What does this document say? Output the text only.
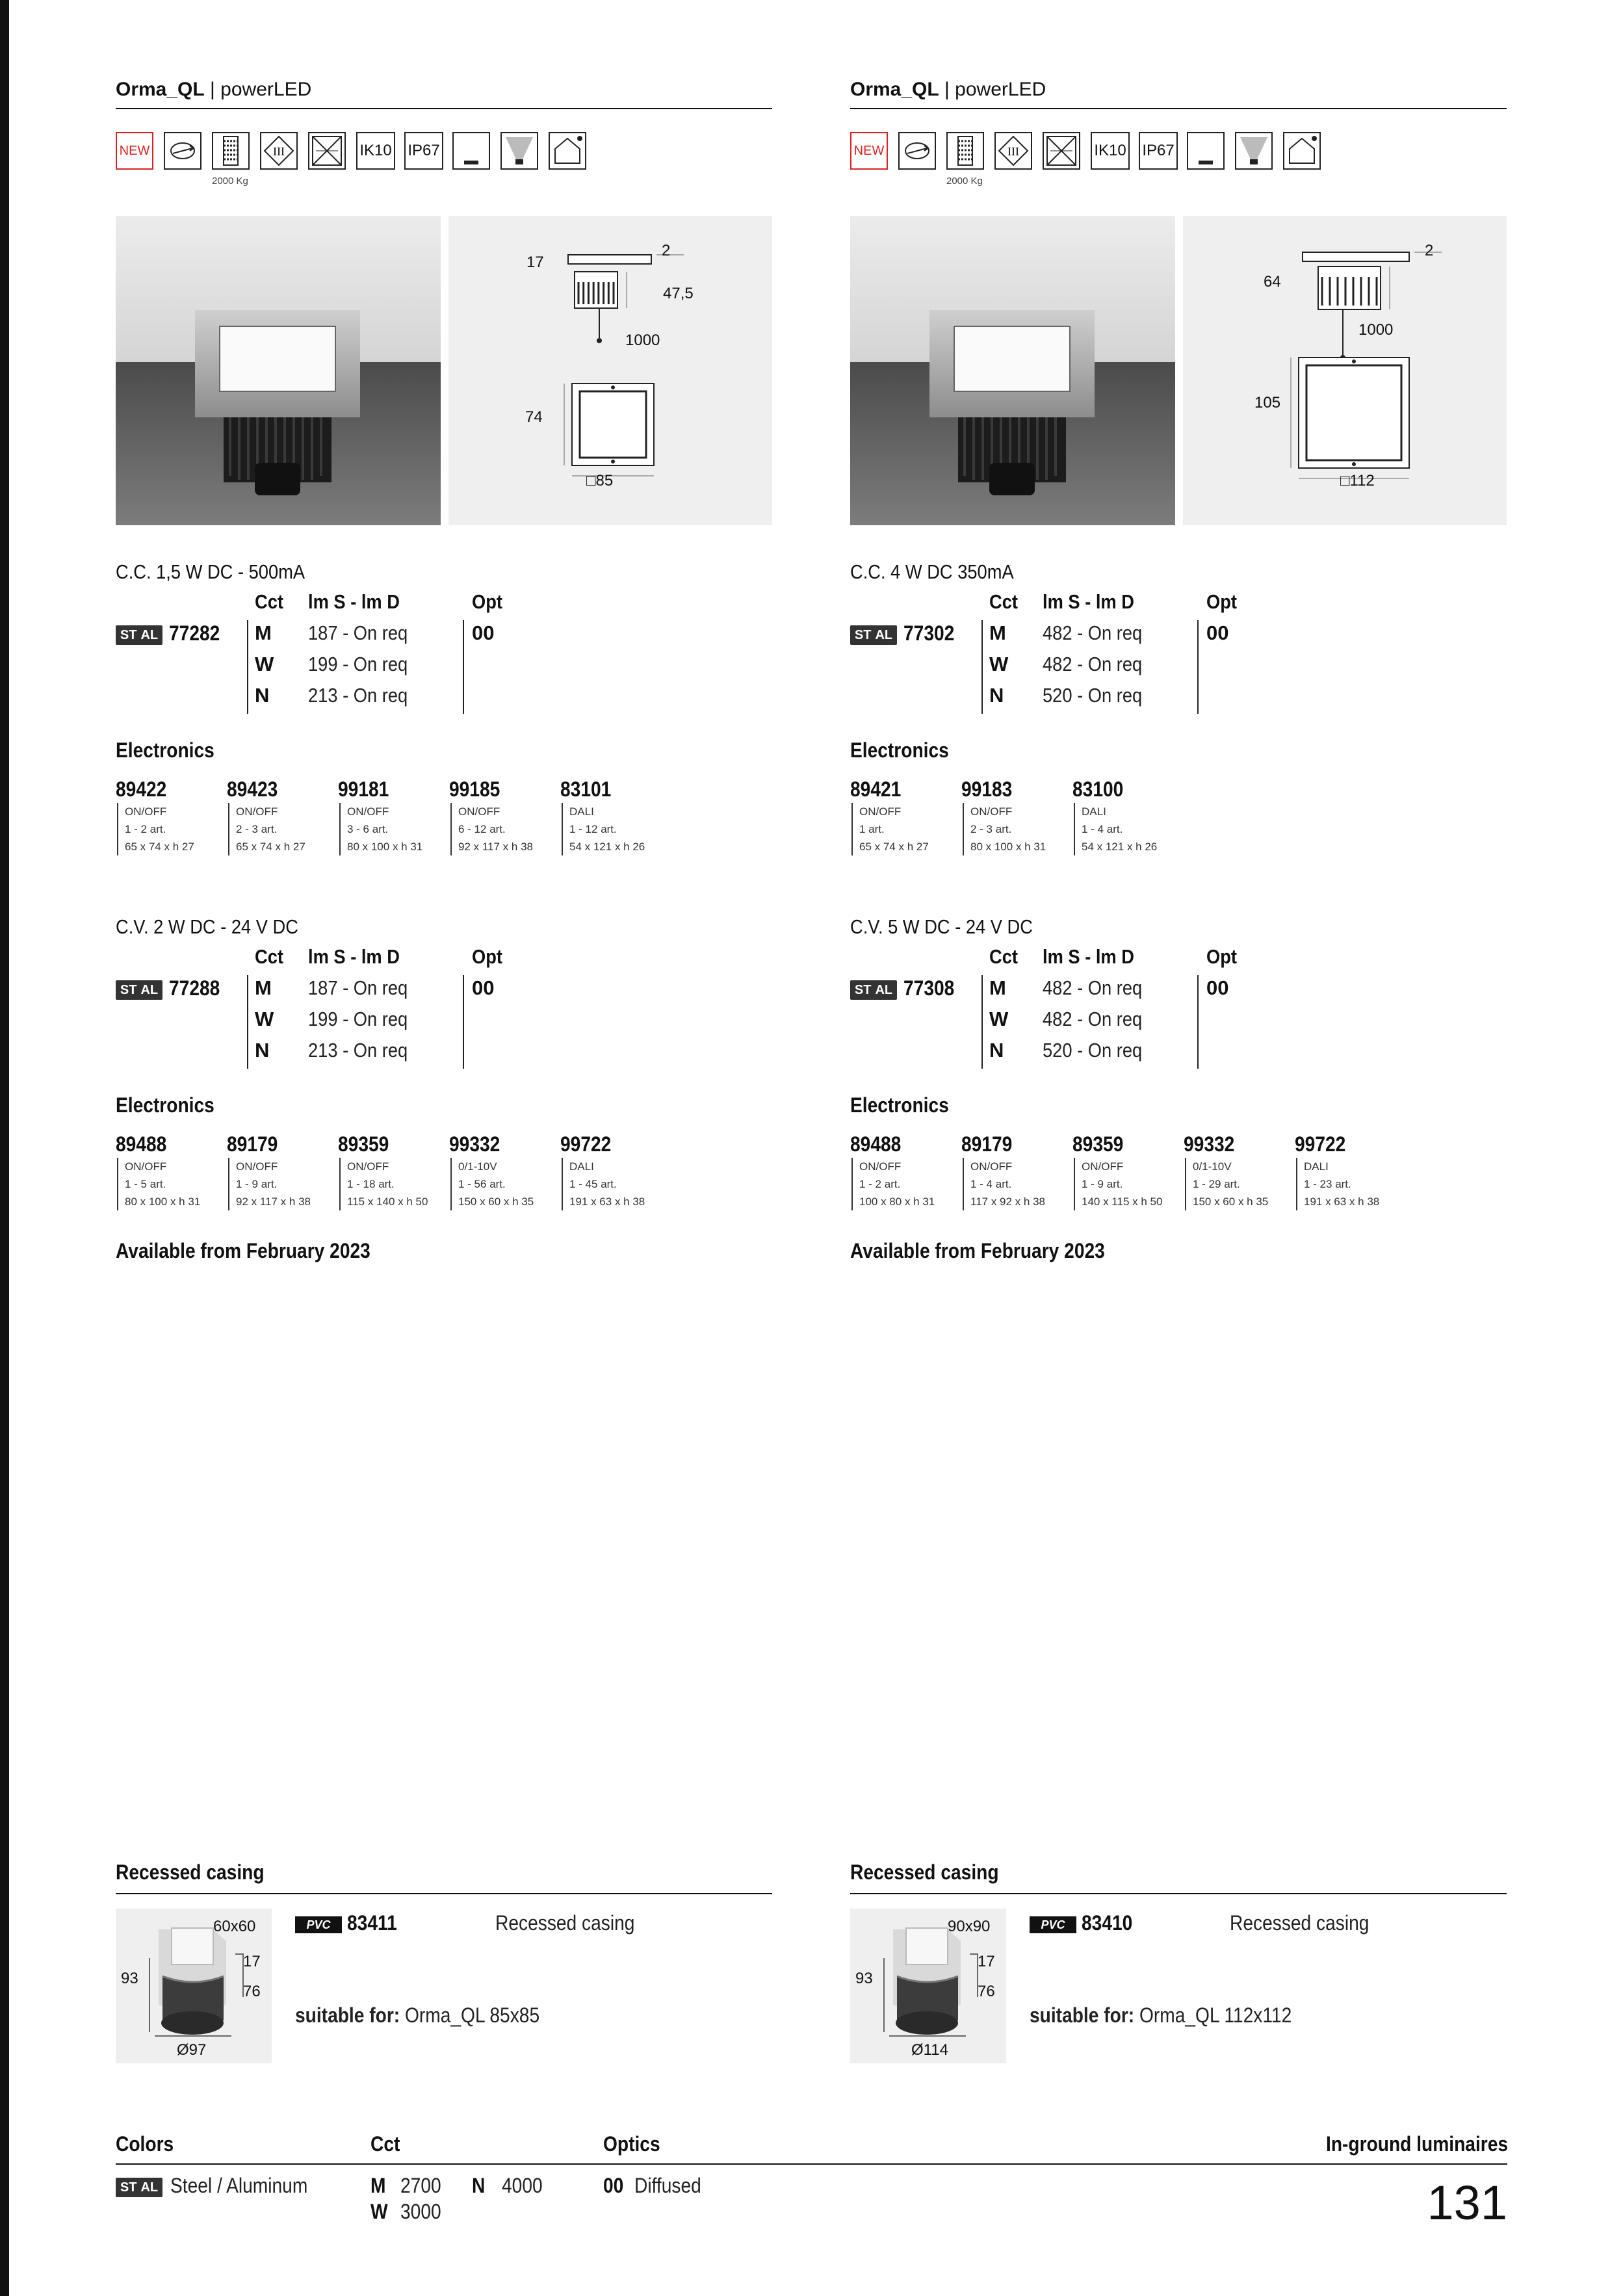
Orma_QL | powerLED
NEW	III	IK10 IP67
2000 Kg
17
2
47,5
1000
74
□85
C.C. 1,5 W DC - 500mA
Cct lm S - lm D	Opt
ST AL 77282 M 187 - On req	00
W 199 - On req
N 213 - On req
Electronics
89422
ON/OFF
1 - 2 art.
65 x 74 x h 27
89423
ON/OFF
2 - 3 art.
65 x 74 x h 27
99181
ON/OFF
3 - 6 art.
80 x 100 x h 31
99185
ON/OFF
6 - 12 art.
92 x 117 x h 38
83101
DALI
1 - 12 art.
54 x 121 x h 26
C.V. 2 W DC - 24 V DC
Cct lm S - lm D	Opt
ST AL 77288 M 187 - On req	00
W 199 - On req
N 213 - On req
Electronics
89488
ON/OFF
1 - 5 art.
80 x 100 x h 31
89179
ON/OFF
1 - 9 art.
92 x 117 x h 38
89359
ON/OFF
1 - 18 art.
115 x 140 x h 50
99332
0/1-10V
1 - 56 art.
150 x 60 x h 35
99722
DALI
1 - 45 art.
191 x 63 x h 38
Available from February 2023
Recessed casing
60x60
17
76
93
Ø97
PVC 83411	Recessed casing
suitable for: Orma_QL 85x85
Orma_QL | powerLED
NEW	III	IK10 IP67
2000 Kg
64
2
1000
105
□112
C.C. 4 W DC 350mA
Cct lm S - lm D	Opt
ST AL 77302 M 482 - On req	00
W 482 - On req
N 520 - On req
Electronics
89421
ON/OFF
1 art.
65 x 74 x h 27
99183
ON/OFF
2 - 3 art.
80 x 100 x h 31
83100
DALI
1 - 4 art.
54 x 121 x h 26
C.V. 5 W DC - 24 V DC
Cct lm S - lm D	Opt
ST AL 77308 M 482 - On req	00
W 482 - On req
N 520 - On req
Electronics
89488
ON/OFF
1 - 2 art.
100 x 80 x h 31
89179
ON/OFF
1 - 4 art.
117 x 92 x h 38
89359
ON/OFF
1 - 9 art.
140 x 115 x h 50
99332
0/1-10V
1 - 29 art.
150 x 60 x h 35
99722
DALI
1 - 23 art.
191 x 63 x h 38
Available from February 2023
Recessed casing
90x90
17
76
93
Ø114
PVC 83410	Recessed casing
suitable for: Orma_QL 112x112
Colors	Cct	Optics	In-ground luminaires
ST AL Steel / Aluminum	M 2700 N 4000
W 3000
00 Diffused	131
